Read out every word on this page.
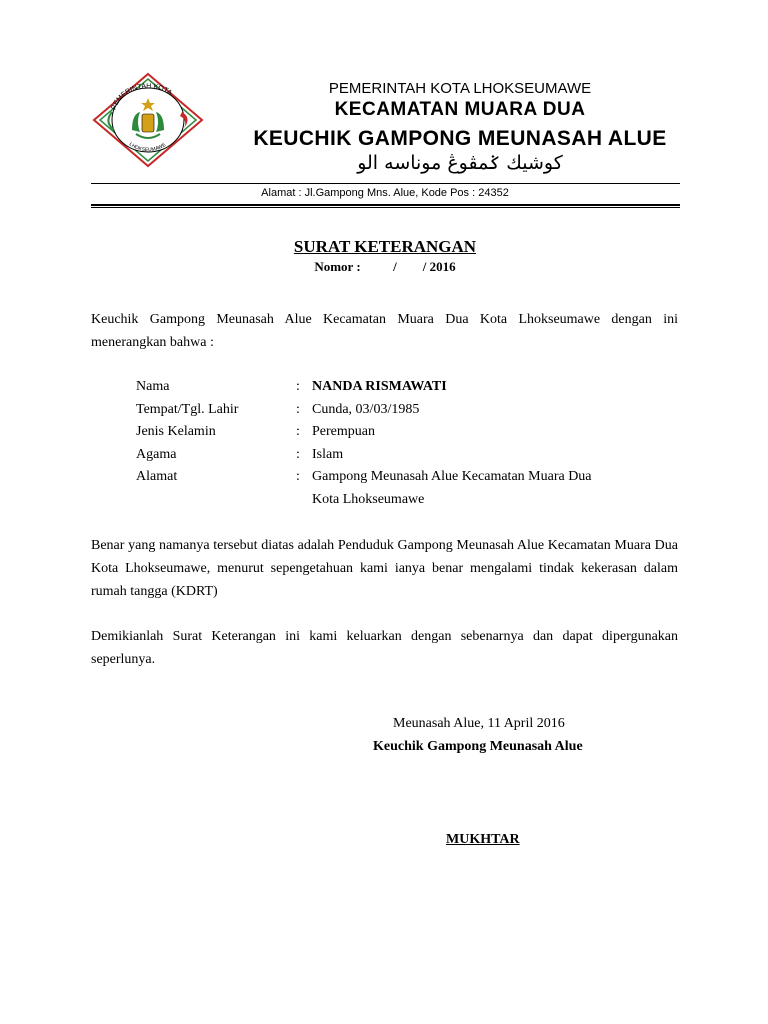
PEMERINTAH KOTA
LHOKSEUMAWE
PEMERINTAH KOTA LHOKSEUMAWE
KECAMATAN MUARA DUA
KEUCHIK GAMPONG MEUNASAH ALUE
كوشيك ݢمڤوڠ موناسه الو
Alamat : Jl.Gampong Mns. Alue, Kode Pos : 24352
SURAT KETERANGAN
Nomor :          /        / 2016
Keuchik Gampong Meunasah Alue Kecamatan Muara Dua Kota Lhokseumawe dengan ini menerangkan bahwa :
Nama	: NANDA RISMAWATI
Tempat/Tgl. Lahir	: Cunda, 03/03/1985
Jenis Kelamin	: Perempuan
Agama	: Islam
Alamat	: Gampong Meunasah Alue Kecamatan Muara Dua
Kota Lhokseumawe
Benar yang namanya tersebut diatas adalah Penduduk Gampong Meunasah Alue Kecamatan Muara Dua Kota Lhokseumawe, menurut sepengetahuan kami ianya benar mengalami tindak kekerasan dalam rumah tangga (KDRT)
Demikianlah Surat Keterangan ini kami keluarkan dengan sebenarnya dan dapat dipergunakan seperlunya.
Meunasah Alue, 11 April 2016
Keuchik Gampong Meunasah Alue
MUKHTAR
